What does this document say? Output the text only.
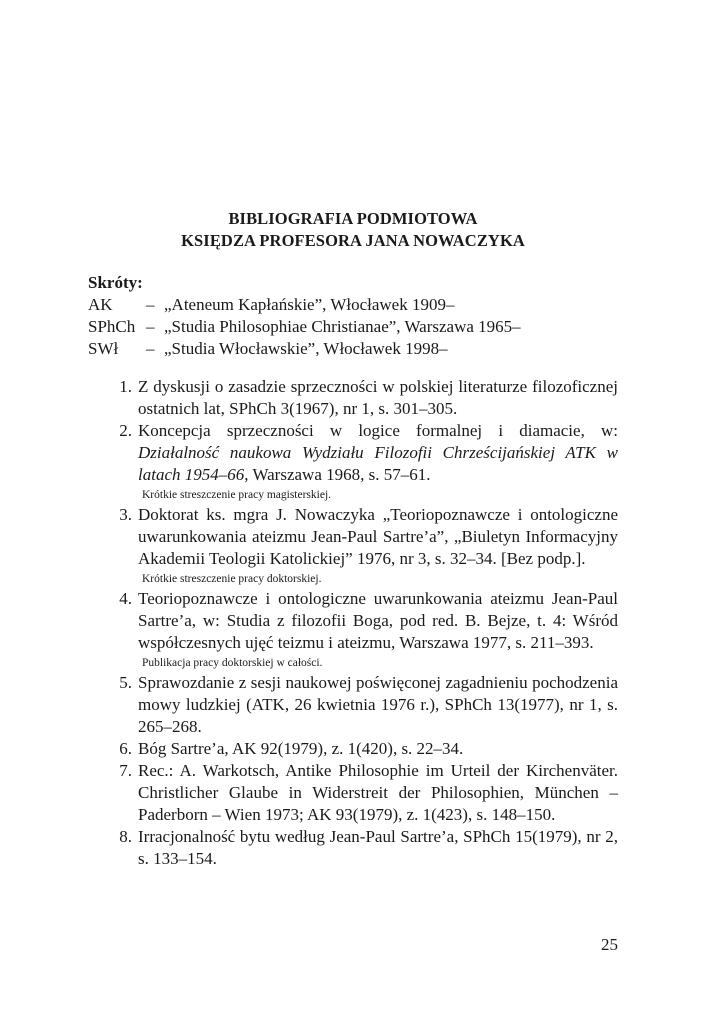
BIBLIOGRAFIA PODMIOTOWA
KSIĘDZA PROFESORA JANA NOWACZYKA
Skróty:
AK	– „Ateneum Kapłańskie”, Włocławek 1909–
SPhCh – „Studia Philosophiae Christianae”, Warszawa 1965–
SWł	– „Studia Włocławskie”, Włocławek 1998–
1. Z dyskusji o zasadzie sprzeczności w polskiej literaturze filozoficznej ostatnich lat, SPhCh 3(1967), nr 1, s. 301–305.
2. Koncepcja sprzeczności w logice formalnej i diamacie, w: Działalność naukowa Wydziału Filozofii Chrześcijańskiej ATK w latach 1954–66, Warszawa 1968, s. 57–61.
Krótkie streszczenie pracy magisterskiej.
3. Doktorat ks. mgra J. Nowaczyka „Teoriopoznawcze i ontologiczne uwarunkowania ateizmu Jean-Paul Sartre’a”, „Biuletyn Informacyjny Akademii Teologii Katolickiej” 1976, nr 3, s. 32–34. [Bez podp.].
Krótkie streszczenie pracy doktorskiej.
4. Teoriopoznawcze i ontologiczne uwarunkowania ateizmu Jean-Paul Sartre’a, w: Studia z filozofii Boga, pod red. B. Bejze, t. 4: Wśród współczesnych ujęć teizmu i ateizmu, Warszawa 1977, s. 211–393.
Publikacja pracy doktorskiej w całości.
5. Sprawozdanie z sesji naukowej poświęconej zagadnieniu pochodzenia mowy ludzkiej (ATK, 26 kwietnia 1976 r.), SPhCh 13(1977), nr 1, s. 265–268.
6. Bóg Sartre’a, AK 92(1979), z. 1(420), s. 22–34.
7. Rec.: A. Warkotsch, Antike Philosophie im Urteil der Kirchenväter. Christlicher Glaube in Widerstreit der Philosophien, München – Paderborn – Wien 1973; AK 93(1979), z. 1(423), s. 148–150.
8. Irracjonalność bytu według Jean-Paul Sartre’a, SPhCh 15(1979), nr 2, s. 133–154.
25
